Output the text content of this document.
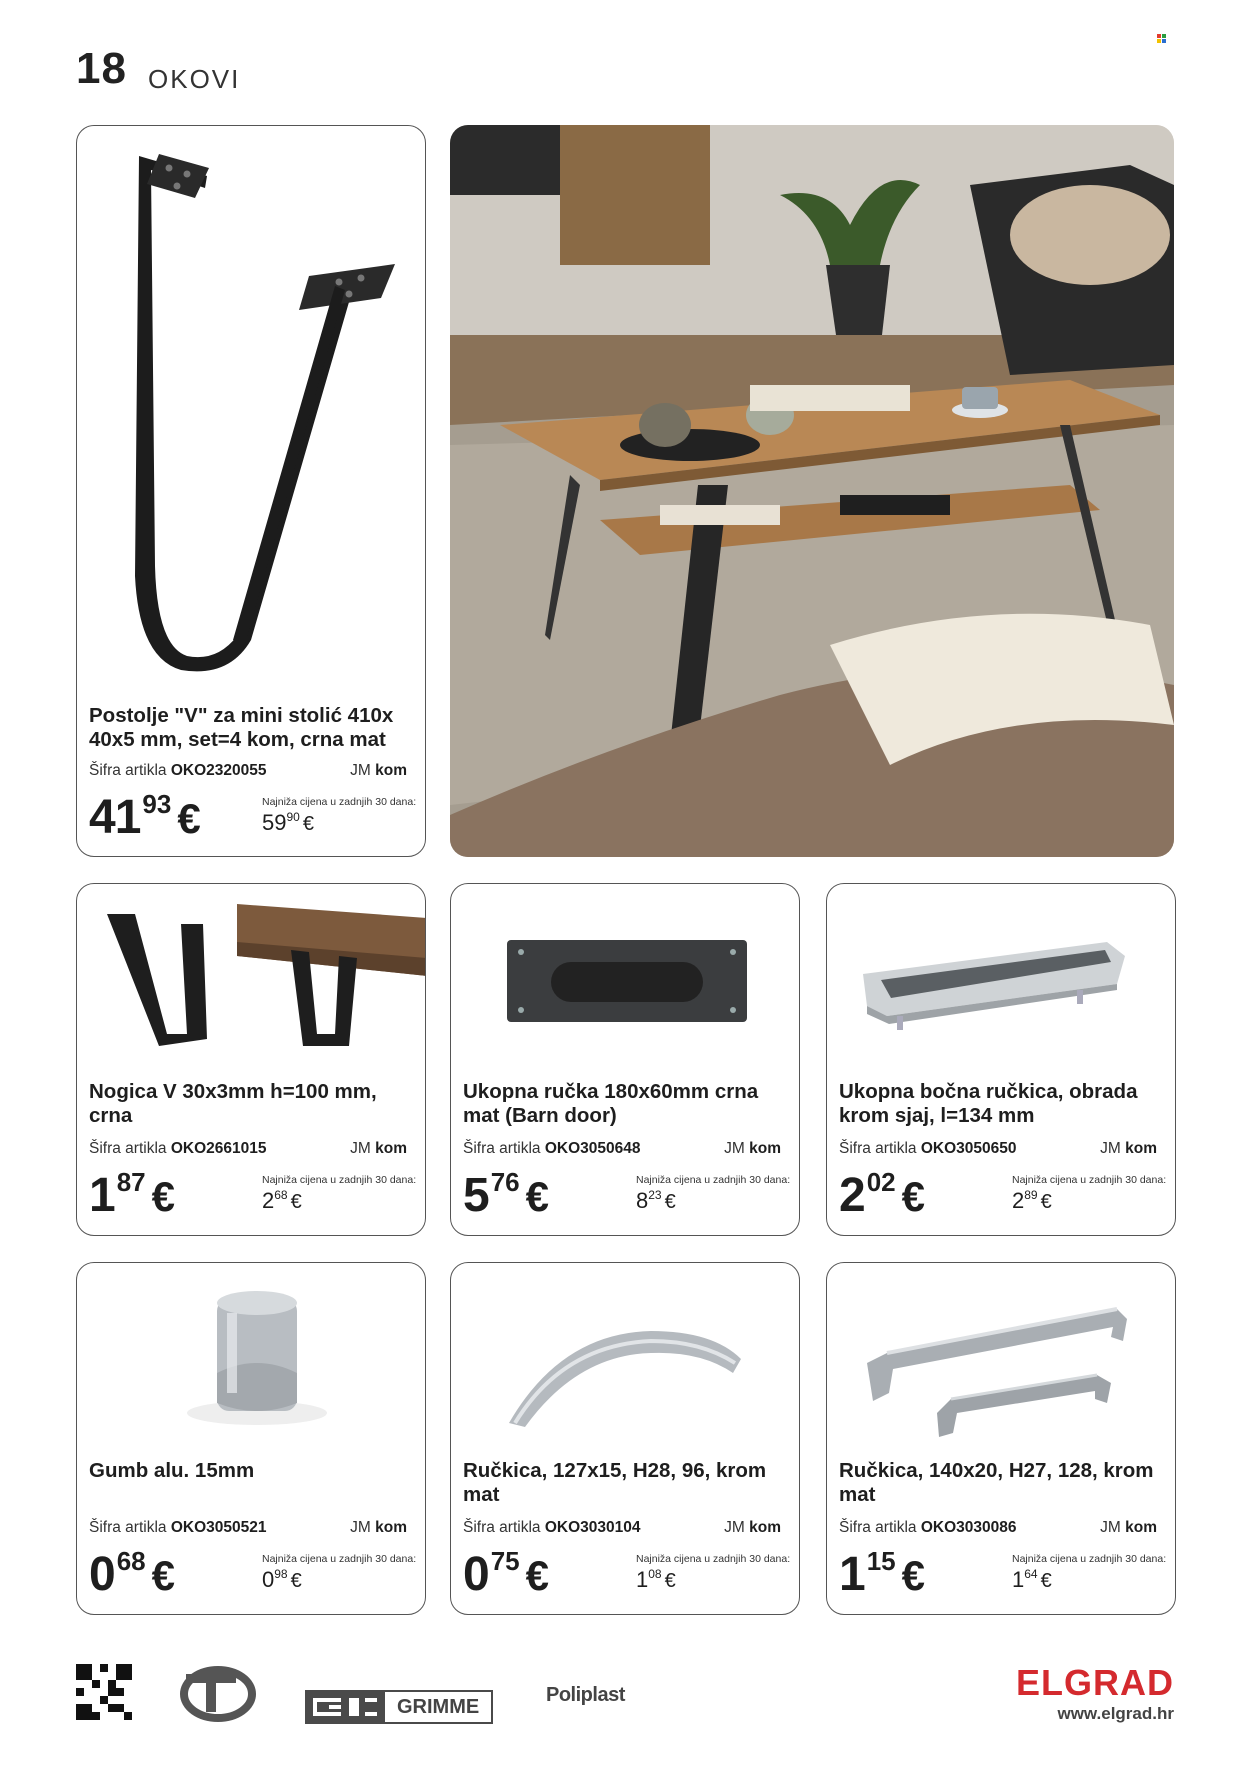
18 OKOVI
Postolje "V" za mini stolić 410x 40x5 mm, set=4 kom, crna mat
Šifra artikla OKO2320055	JM kom
4193 €	Najniža cijena u zadnjih 30 dana:
$59^{90}$ €
Nogica V 30x3mm h=100 mm, crna
Šifra artikla OKO2661015	JM kom
187 €	Najniža cijena u zadnjih 30 dana:
$2^{68}$ €
Ukopna ručka 180x60mm crna mat (Barn door)
Šifra artikla OKO3050648	JM kom
576 €	Najniža cijena u zadnjih 30 dana:
$8^{23}$ €
Ukopna bočna ručkica, obrada krom sjaj, l=134 mm
Šifra artikla OKO3050650	JM kom
202 €	Najniža cijena u zadnjih 30 dana:
$2^{89}$ €
Gumb alu. 15mm
Šifra artikla OKO3050521	JM kom
068 €	Najniža cijena u zadnjih 30 dana:
$0^{98}$ €
Ručkica, 127x15, H28, 96, krom mat
Šifra artikla OKO3030104	JM kom
075 €	Najniža cijena u zadnjih 30 dana:
$1^{08}$ €
Ručkica, 140x20, H27, 128, krom mat
Šifra artikla OKO3030086	JM kom
115 €	Najniža cijena u zadnjih 30 dana:
$1^{64}$ €
GRIMME
Poliplast	ELGRAD
www.elgrad.hr
